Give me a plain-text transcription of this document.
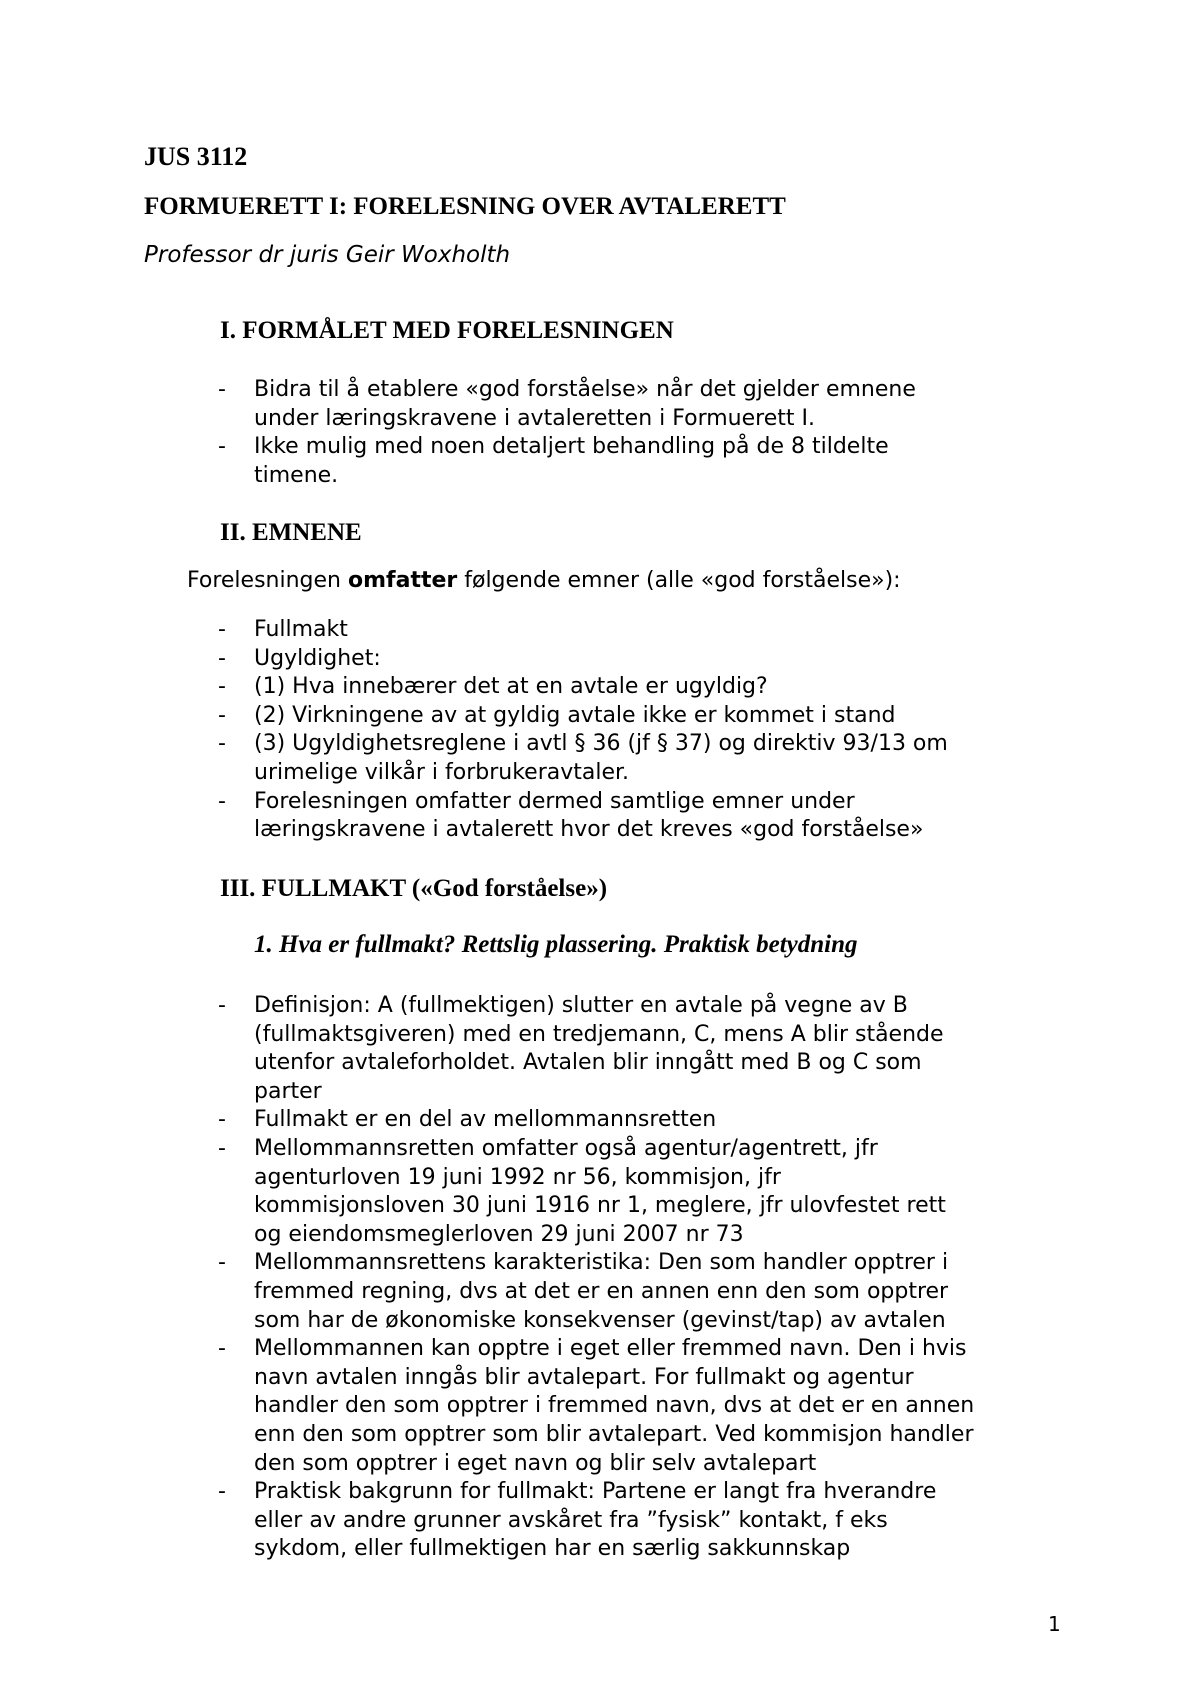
JUS 3112
FORMUERETT I: FORELESNING OVER AVTALERETT
Professor dr juris Geir Woxholth
I. FORMÅLET MED FORELESNINGEN
- Bidra til å etablere «god forståelse» når det gjelder emnene
under læringskravene i avtaleretten i Formuerett I.
- Ikke mulig med noen detaljert behandling på de 8 tildelte
timene.
II. EMNENE
Forelesningen omfatter følgende emner (alle «god forståelse»):
- Fullmakt
- Ugyldighet:
- (1) Hva innebærer det at en avtale er ugyldig?
- (2) Virkningene av at gyldig avtale ikke er kommet i stand
- (3) Ugyldighetsreglene i avtl § 36 (jf § 37) og direktiv 93/13 om
urimelige vilkår i forbrukeravtaler.
- Forelesningen omfatter dermed samtlige emner under
læringskravene i avtalerett hvor det kreves «god forståelse»
III. FULLMAKT («God forståelse»)
1. Hva er fullmakt? Rettslig plassering. Praktisk betydning
- Definisjon: A (fullmektigen) slutter en avtale på vegne av B
(fullmaktsgiveren) med en tredjemann, C, mens A blir stående
utenfor avtaleforholdet. Avtalen blir inngått med B og C som
parter
- Fullmakt er en del av mellommannsretten
- Mellommannsretten omfatter også agentur/agentrett, jfr
agenturloven 19 juni 1992 nr 56, kommisjon, jfr
kommisjonsloven 30 juni 1916 nr 1, meglere, jfr ulovfestet rett
og eiendomsmeglerloven 29 juni 2007 nr 73
- Mellommannsrettens karakteristika: Den som handler opptrer i
fremmed regning, dvs at det er en annen enn den som opptrer
som har de økonomiske konsekvenser (gevinst/tap) av avtalen
- Mellommannen kan opptre i eget eller fremmed navn. Den i hvis
navn avtalen inngås blir avtalepart. For fullmakt og agentur
handler den som opptrer i fremmed navn, dvs at det er en annen
enn den som opptrer som blir avtalepart. Ved kommisjon handler
den som opptrer i eget navn og blir selv avtalepart
- Praktisk bakgrunn for fullmakt: Partene er langt fra hverandre
eller av andre grunner avskåret fra ”fysisk” kontakt, f eks
sykdom, eller fullmektigen har en særlig sakkunnskap
1
